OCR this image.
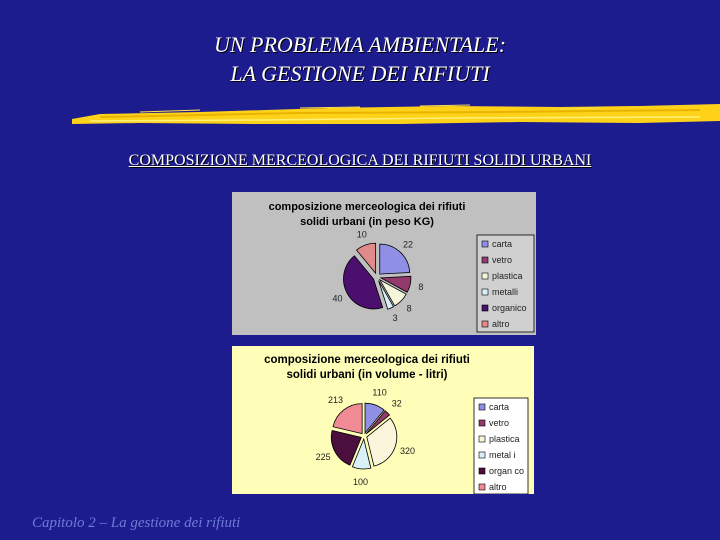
UN PROBLEMA AMBIENTALE:
LA GESTIONE DEI RIFIUTI
COMPOSIZIONE MERCEOLOGICA DEI RIFIUTI SOLIDI URBANI
composizione merceologica dei rifiuti
solidi urbani (in peso KG)
22
8
8
3
40
10
carta
vetro
plastica
metalli
organico
altro
composizione merceologica dei rifiuti
solidi urbani (in volume - litri)
110
32
320
100
225
213
carta
vetro
plastica
metal i
organ co
altro
Capitolo 2 – La gestione dei rifiuti
